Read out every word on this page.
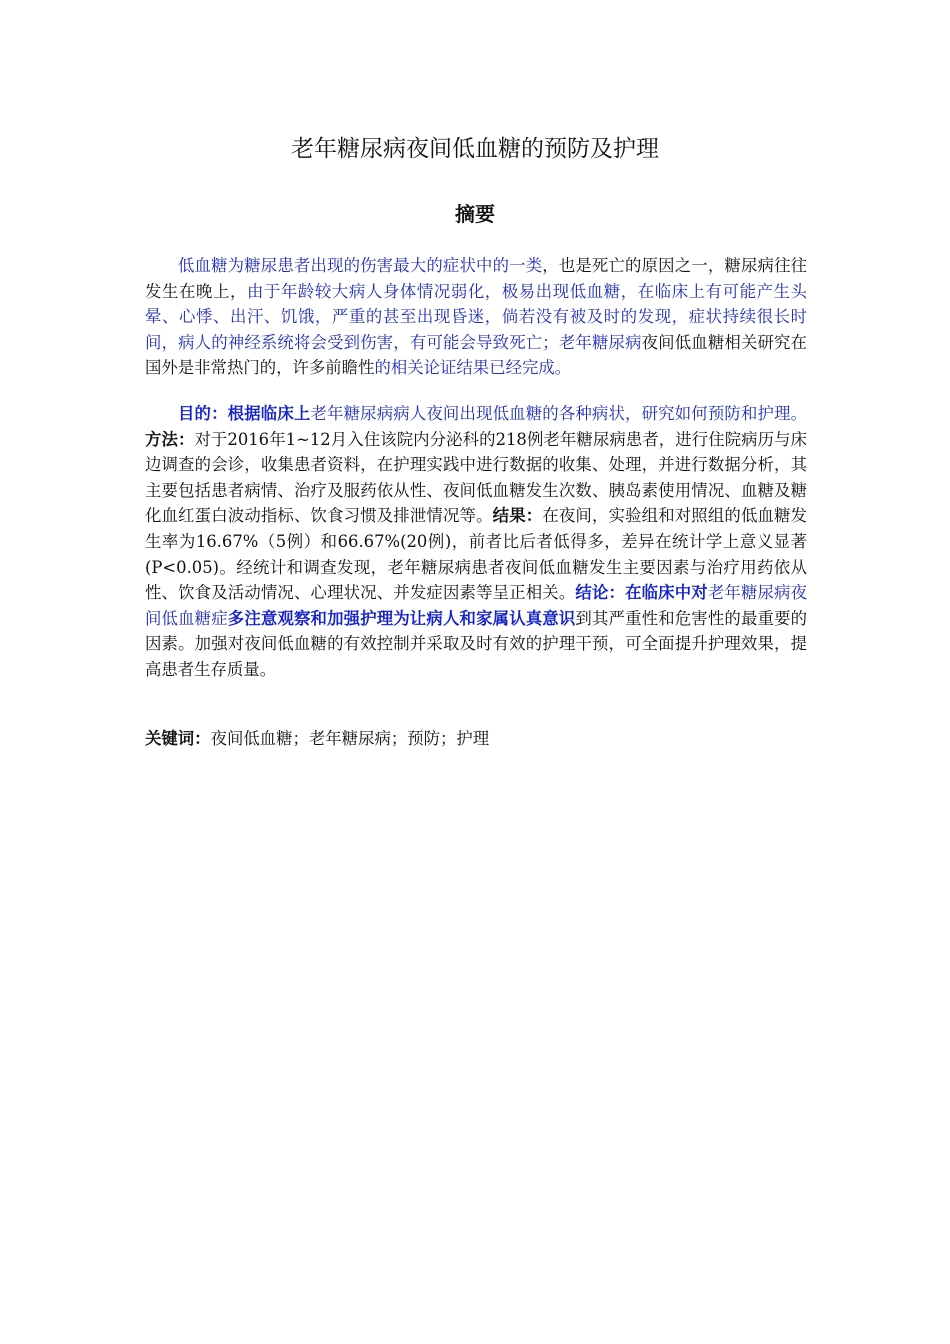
老年糖尿病夜间低血糖的预防及护理
摘要

低血糖为糖尿患者出现的伤害最大的症状中的一类，也是死亡的原因之一，糖尿病往往发生在晚上，由于年龄较大病人身体情况弱化，极易出现低血糖，在临床上有可能产生头晕、心悸、出汗、饥饿，严重的甚至出现昏迷，倘若没有被及时的发现，症状持续很长时间，病人的神经系统将会受到伤害，有可能会导致死亡；老年糖尿病夜间低血糖相关研究在国外是非常热门的，许多前瞻性的相关论证结果已经完成。

目的：根据临床上老年糖尿病病人夜间出现低血糖的各种病状，研究如何预防和护理。方法：对于2016年1~12月入住该院内分泌科的218例老年糖尿病患者，进行住院病历与床边调查的会诊，收集患者资料，在护理实践中进行数据的收集、处理，并进行数据分析，其主要包括患者病情、治疗及服药依从性、夜间低血糖发生次数、胰岛素使用情况、血糖及糖化血红蛋白波动指标、饮食习惯及排泄情况等。结果：在夜间，实验组和对照组的低血糖发生率为16.67%（5例）和66.67%(20例)，前者比后者低得多，差异在统计学上意义显著(P<0.05)。经统计和调查发现，老年糖尿病患者夜间低血糖发生主要因素与治疗用药依从性、饮食及活动情况、心理状况、并发症因素等呈正相关。结论：在临床中对老年糖尿病夜间低血糖症多注意观察和加强护理为让病人和家属认真意识到其严重性和危害性的最重要的因素。加强对夜间低血糖的有效控制并采取及时有效的护理干预，可全面提升护理效果，提高患者生存质量。

关键词：夜间低血糖；老年糖尿病；预防；护理
